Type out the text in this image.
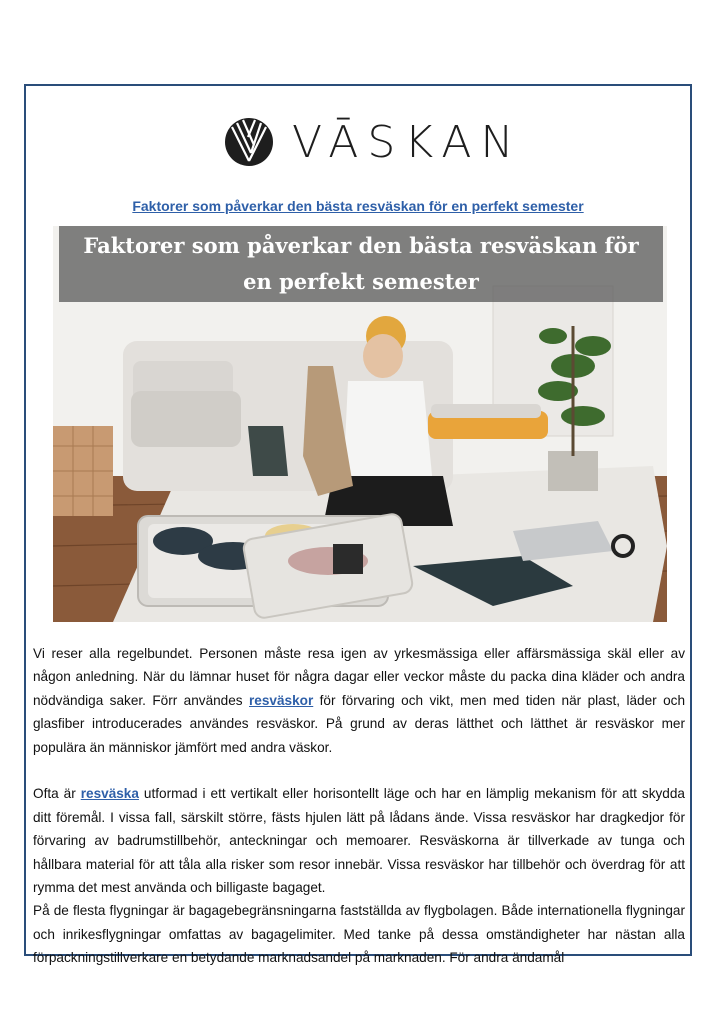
VĀSKAN
Faktorer som påverkar den bästa resväskan för en perfekt semester
Faktorer som påverkar den bästa resväskan för en perfekt semester

Vi reser alla regelbundet. Personen måste resa igen av yrkesmässiga eller affärsmässiga skäl eller av någon anledning. När du lämnar huset för några dagar eller veckor måste du packa dina kläder och andra nödvändiga saker. Förr användes resväskor för förvaring och vikt, men med tiden när plast, läder och glasfiber introducerades användes resväskor. På grund av deras lätthet och lätthet är resväskor mer populära än människor jämfört med andra väskor.

Ofta är resväska utformad i ett vertikalt eller horisontellt läge och har en lämplig mekanism för att skydda ditt föremål. I vissa fall, särskilt större, fästs hjulen lätt på lådans ände. Vissa resväskor har dragkedjor för förvaring av badrumstillbehör, anteckningar och memoarer. Resväskorna är tillverkade av tunga och hållbara material för att tåla alla risker som resor innebär. Vissa resväskor har tillbehör och överdrag för att rymma det mest använda och billigaste bagaget.

På de flesta flygningar är bagagebegränsningarna fastställda av flygbolagen. Både internationella flygningar och inrikesflygningar omfattas av bagagelimiter. Med tanke på dessa omständigheter har nästan alla förpackningstillverkare en betydande marknadsandel på marknaden. För andra ändamål
